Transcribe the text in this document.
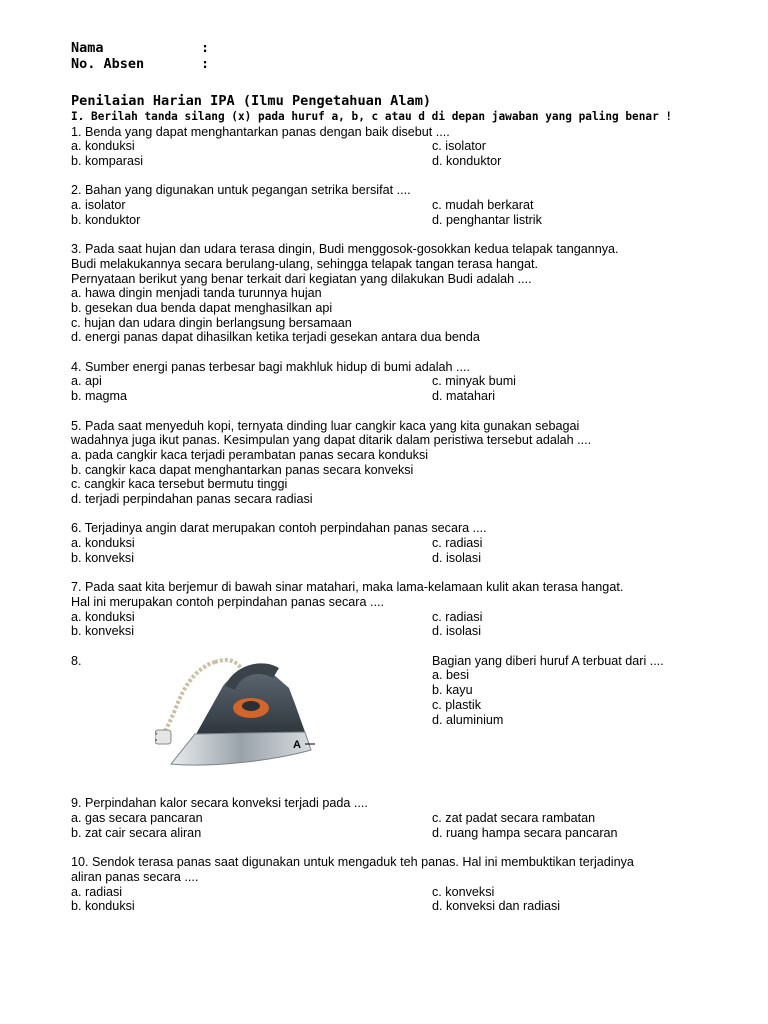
Nama	:
No. Absen	:
Penilaian Harian IPA (Ilmu Pengetahuan Alam)
I. Berilah tanda silang (x) pada huruf a, b, c atau d di depan jawaban yang paling benar !
1. Benda yang dapat menghantarkan panas dengan baik disebut ....
a. konduksi	c. isolator
b. komparasi	d. konduktor
2. Bahan yang digunakan untuk pegangan setrika bersifat ....
a. isolator	c. mudah berkarat
b. konduktor	d. penghantar listrik
3. Pada saat hujan dan udara terasa dingin, Budi menggosok-gosokkan kedua telapak tangannya.
Budi melakukannya secara berulang-ulang, sehingga telapak tangan terasa hangat.
Pernyataan berikut yang benar terkait dari kegiatan yang dilakukan Budi adalah ....
a. hawa dingin menjadi tanda turunnya hujan
b. gesekan dua benda dapat menghasilkan api
c. hujan dan udara dingin berlangsung bersamaan
d. energi panas dapat dihasilkan ketika terjadi gesekan antara dua benda
4. Sumber energi panas terbesar bagi makhluk hidup di bumi adalah ....
a. api	c. minyak bumi
b. magma	d. matahari
5. Pada saat menyeduh kopi, ternyata dinding luar cangkir kaca yang kita gunakan sebagai
wadahnya juga ikut panas. Kesimpulan yang dapat ditarik dalam peristiwa tersebut adalah ....
a. pada cangkir kaca terjadi perambatan panas secara konduksi
b. cangkir kaca dapat menghantarkan panas secara konveksi
c. cangkir kaca tersebut bermutu tinggi
d. terjadi perpindahan panas secara radiasi
6. Terjadinya angin darat merupakan contoh perpindahan panas secara ....
a. konduksi	c. radiasi
b. konveksi	d. isolasi
7. Pada saat kita berjemur di bawah sinar matahari, maka lama-kelamaan kulit akan terasa hangat.
Hal ini merupakan contoh perpindahan panas secara ....
a. konduksi	c. radiasi
b. konveksi	d. isolasi
8.
A
Bagian yang diberi huruf A terbuat dari ....
a. besi
b. kayu
c. plastik
d. aluminium
9. Perpindahan kalor secara konveksi terjadi pada ....
a. gas secara pancaran	c. zat padat secara rambatan
b. zat cair secara aliran	d. ruang hampa secara pancaran
10. Sendok terasa panas saat digunakan untuk mengaduk teh panas. Hal ini membuktikan terjadinya
aliran panas secara ....
a. radiasi	c. konveksi
b. konduksi	d. konveksi dan radiasi
